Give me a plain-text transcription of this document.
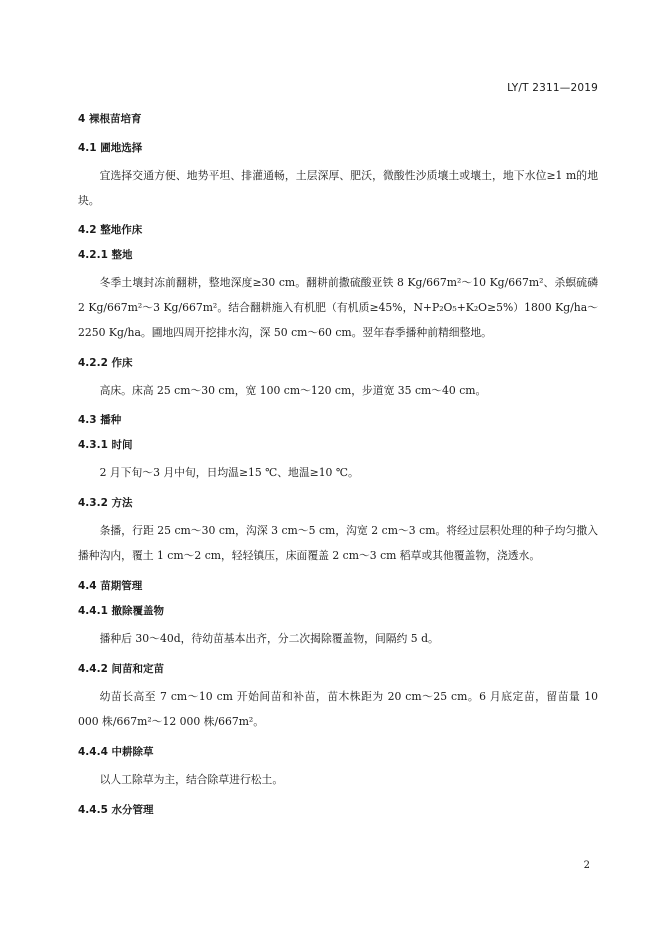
LY/T 2311—2019
4 裸根苗培育
4.1 圃地选择

宜选择交通方便、地势平坦、排灌通畅，土层深厚、肥沃，微酸性沙质壤土或壤土，地下水位≥1 m的地块。

4.2 整地作床
4.2.1 整地

冬季土壤封冻前翻耕，整地深度≥30 cm。翻耕前撒硫酸亚铁 8 Kg/667m²～10 Kg/667m²、杀螟硫磷 2 Kg/667m²～3 Kg/667m²。结合翻耕施入有机肥（有机质≥45%，N+P₂O₅+K₂O≥5%）1800 Kg/ha～2250 Kg/ha。圃地四周开挖排水沟，深 50 cm～60 cm。翌年春季播种前精细整地。

4.2.2 作床

高床。床高 25 cm～30 cm，宽 100 cm～120 cm，步道宽 35 cm～40 cm。

4.3 播种
4.3.1 时间

2 月下旬～3 月中旬，日均温≥15 ℃、地温≥10 ℃。

4.3.2 方法

条播，行距 25 cm～30 cm，沟深 3 cm～5 cm，沟宽 2 cm～3 cm。将经过层积处理的种子均匀撒入播种沟内，覆土 1 cm～2 cm，轻轻镇压，床面覆盖 2 cm～3 cm 稻草或其他覆盖物，浇透水。

4.4 苗期管理
4.4.1 撤除覆盖物

播种后 30～40d，待幼苗基本出齐，分二次揭除覆盖物，间隔约 5 d。

4.4.2 间苗和定苗

幼苗长高至 7 cm～10 cm 开始间苗和补苗，苗木株距为 20 cm～25 cm。6 月底定苗，留苗量 10 000 株/667m²～12 000 株/667m²。

4.4.4 中耕除草

以人工除草为主，结合除草进行松土。

4.4.5 水分管理
2
